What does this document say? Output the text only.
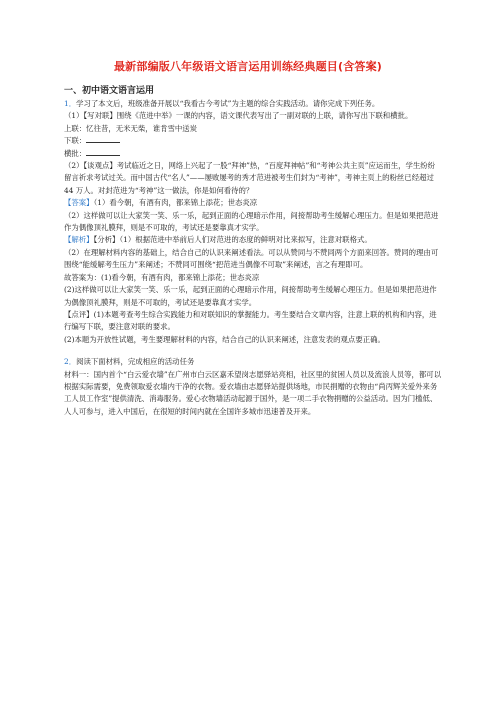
最新部编版八年级语文语言运用训练经典题目(含答案)

一、初中语文语言运用

1．学习了本文后，班级准备开展以“我看古今考试”为主题的综合实践活动。请你完成下列任务。

（1）【写对联】围绕《范进中举》一课的内容，语文课代表写出了一副对联的上联，请你写出下联和横批。

上联：忆往昔，无米无柴，谁肯雪中送炭

下联：

横批：

（2）【谈观点】考试临近之日，网络上兴起了一股“拜神”热，“百度拜神帖”和“考神公共主页”应运而生，学生纷纷留言祈求考试过关。而中国古代“名人”——屡败屡考的秀才范进被考生们封为“考神”，考神主页上的粉丝已经超过 44 万人。对封范进为“考神”这一做法，你是如何看待的？

【答案】（1）看今朝，有酒有肉，都来锦上添花；世态炎凉

（2）这样做可以让大家笑一笑、乐一乐，起到正面的心理暗示作用，间接帮助考生缓解心理压力。但是如果把范进作为偶像顶礼膜拜，则是不可取的，考试还是要靠真才实学。

【解析】【分析】（1）根据范进中举前后人们对范进的态度的鲜明对比来拟写，注意对联格式。

（2）在理解材料内容的基础上，结合自己的认识来阐述看法。可以从赞同与不赞同两个方面来回答。赞同的理由可围绕“能缓解考生压力”来阐述；不赞同可围绕“把范进当偶像不可取”来阐述，言之有理即可。

故答案为：(1)看今朝，有酒有肉，都来锦上添花；世态炎凉

(2)这样做可以让大家笑一笑、乐一乐，起到正面的心理暗示作用，间接帮助考生缓解心理压力。但是如果把范进作为偶像顶礼膜拜，则是不可取的，考试还是要靠真才实学。

【点评】(1)本题考查考生综合实践能力和对联知识的掌握能力。考生要结合文章内容，注意上联的机构和内容，进行编写下联，要注意对联的要求。

(2)本题为开放性试题，考生要理解材料的内容，结合自己的认识来阐述，注意发表的观点要正确。

2．阅读下面材料，完成相应的活动任务

材料一：国内首个“白云爱衣墙”在广州市白云区嘉禾望岗志愿驿站亮相，社区里的贫困人员以及流浪人员等，都可以根据实际需要，免费领取爱衣墙内干净的衣物。爱衣墙由志愿驿站提供场地，市民捐赠的衣物由“尚丙辉关爱外来务工人员工作室”提供清洗、消毒服务。爱心衣物墙活动起源于国外，是一项二手衣物捐赠的公益活动。因为门槛低、人人可参与，进入中国后，在很短的时间内就在全国许多城市迅速普及开来。
